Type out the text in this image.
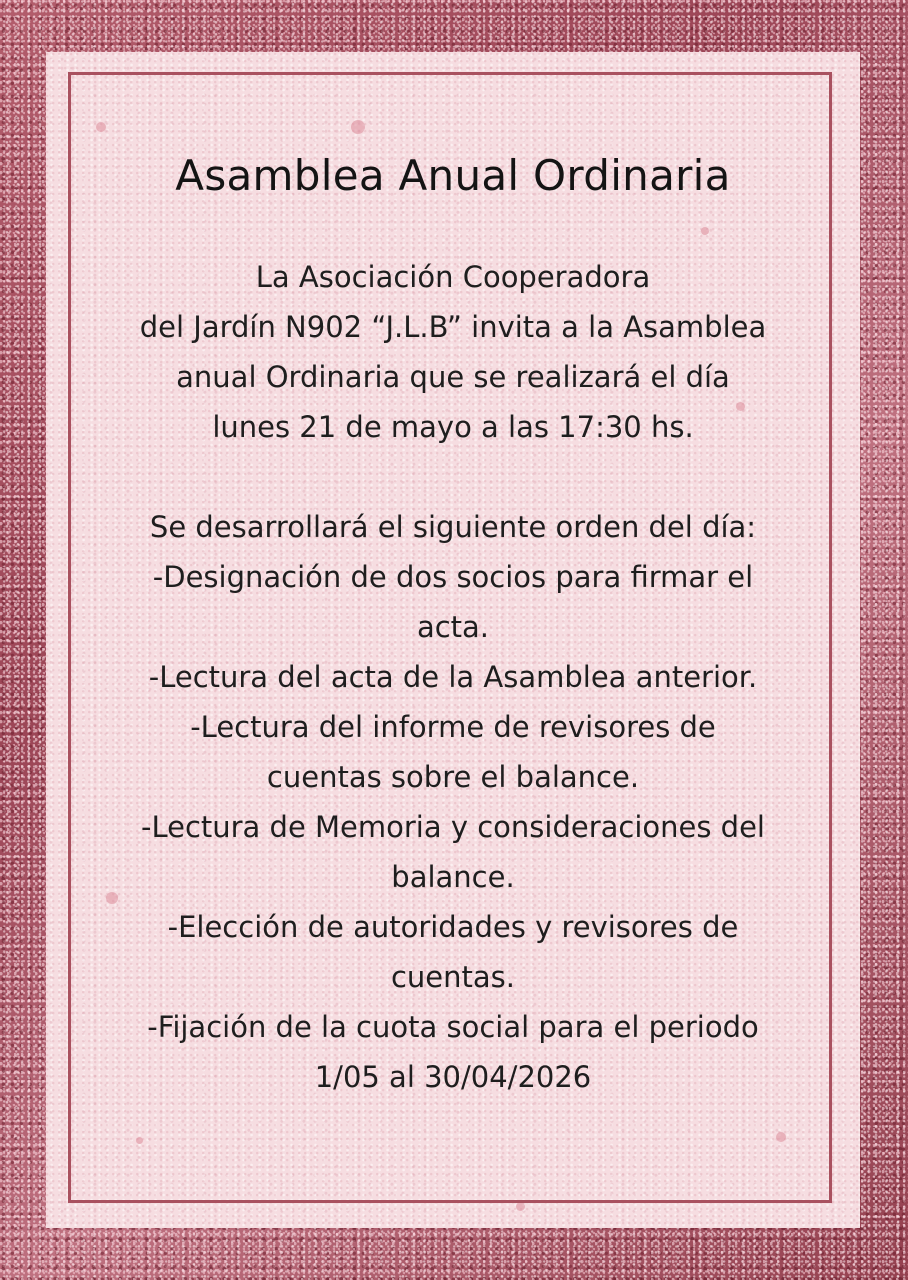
Asamblea Anual Ordinaria
La Asociación Cooperadora
del Jardín N902 “J.L.B” invita a la Asamblea
anual Ordinaria que se realizará el día
lunes 21 de mayo a las 17:30 hs.
Se desarrollará el siguiente orden del día:
-Designación de dos socios para firmar el
acta.
-Lectura del acta de la Asamblea anterior.
-Lectura del informe de revisores de
cuentas sobre el balance.
-Lectura de Memoria y consideraciones del
balance.
-Elección de autoridades y revisores de
cuentas.
-Fijación de la cuota social para el periodo
1/05 al 30/04/2026
